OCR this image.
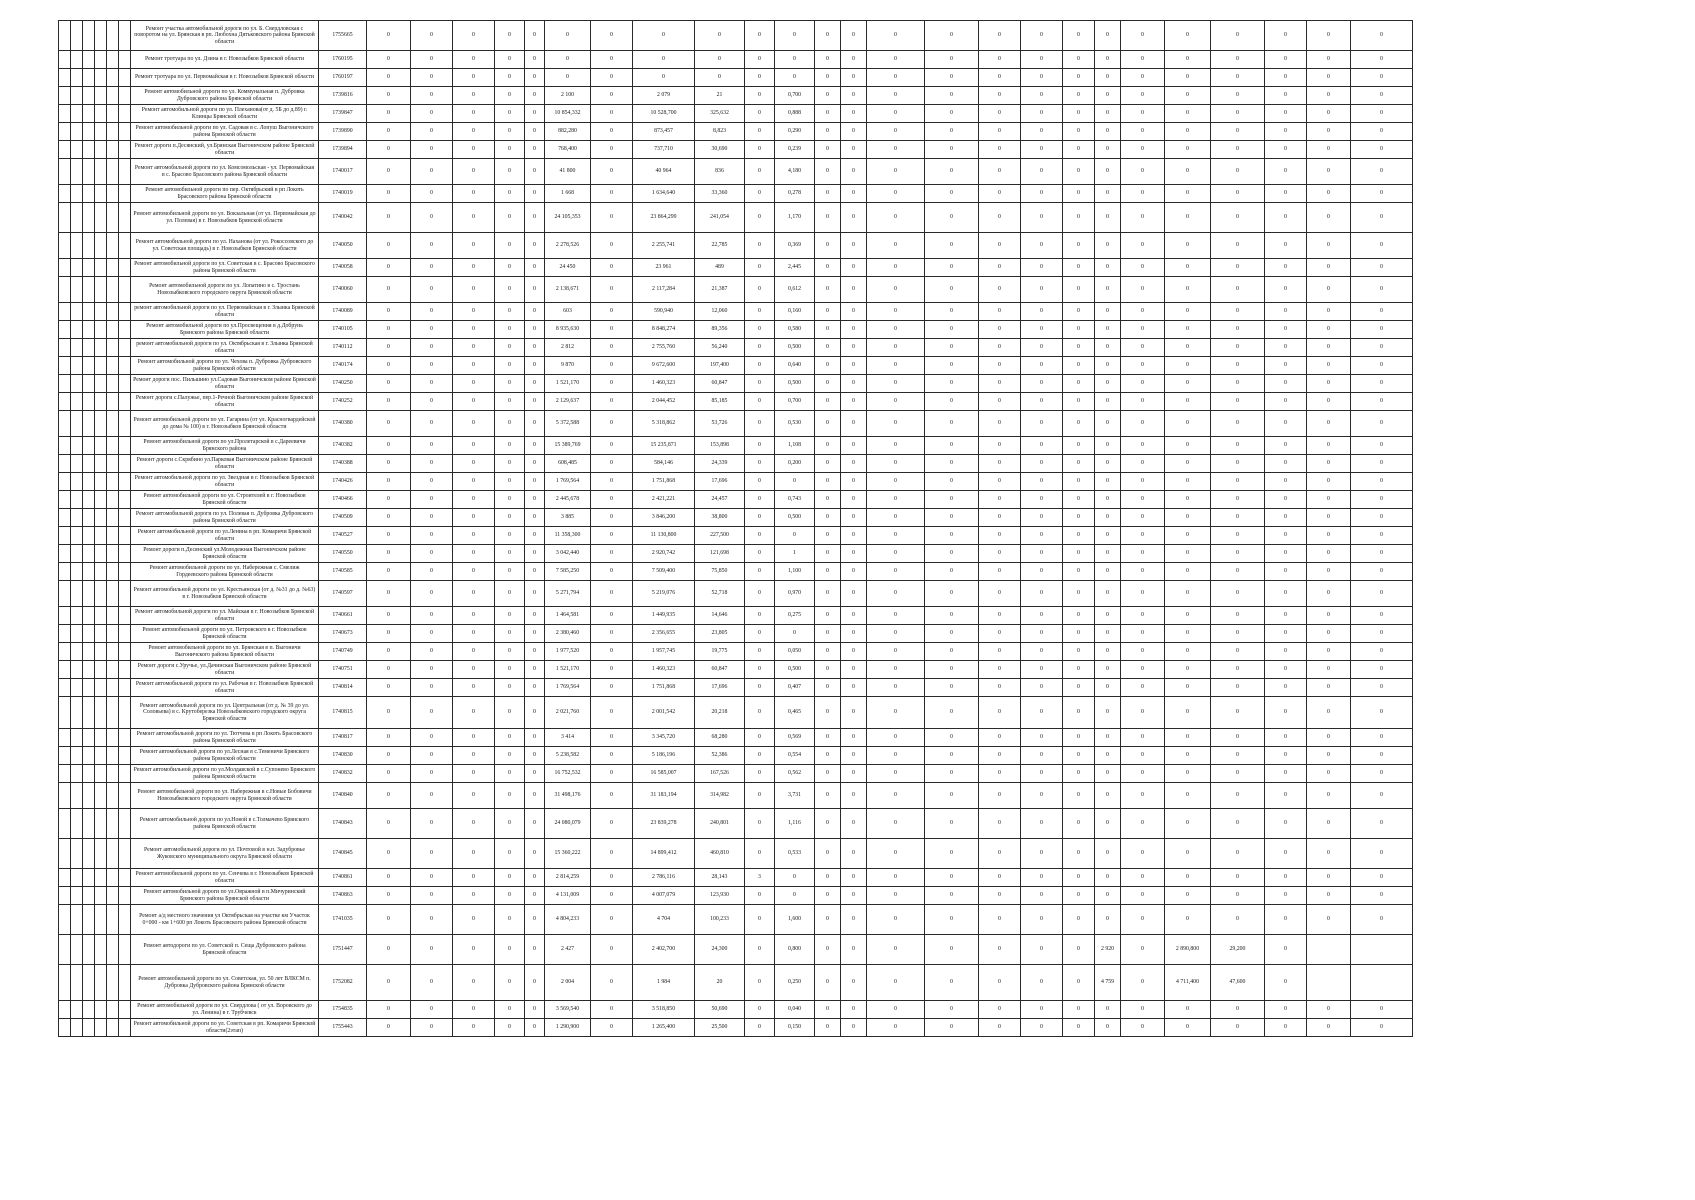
						Ремонт участка автомобильной дороги по ул. Б. Свердловская с поворотом на ул. Брянская в рп. Любохна Дятьковского района Брянской области	1755665	0	0	0	0	0	0	0	0	0	0	0	0	0	0	0	0	0	0	0	0	0	0	0	0	0
						Ремонт тротуара по ул. Дзина в г. Новозыбков Брянской области	1760195	0	0	0	0	0	0	0	0	0	0	0	0	0	0	0	0	0	0	0	0	0	0	0	0	0
						Ремонт тротуара по ул. Первомайская в г. Новозыбков Брянской области	1760197	0	0	0	0	0	0	0	0	0	0	0	0	0	0	0	0	0	0	0	0	0	0	0	0	0
						Ремонт автомобильной дороги по ул. Коммунальная п. Дубровка Дубровского района Брянской области	1739816	0	0	0	0	0	2 100	0	2 079	21	0	0,700	0	0	0	0	0	0	0	0	0	0	0	0	0	0
						Ремонт автомобильной дороги по ул. Плеханова(от д. 5Б до д.89) г. Клинцы Брянской области	1739847	0	0	0	0	0	10 854,332	0	10 528,700	325,632	0	0,888	0	0	0	0	0	0	0	0	0	0	0	0	0	0
						Ремонт автомобильной дороги по ул. Садовая в с. Лопуш Выгоничского района Брянской области	1739890	0	0	0	0	0	882,280	0	873,457	8,823	0	0,290	0	0	0	0	0	0	0	0	0	0	0	0	0	0
						Ремонт дороги п.Десянский, ул.Брянская Выгоничском районе Брянской области	1739894	0	0	0	0	0	768,400	0	737,710	30,690	0	0,239	0	0	0	0	0	0	0	0	0	0	0	0	0	0
						Ремонт автомобильной дороги по ул. Комсомольская - ул. Первомайская в с. Брасово Брасовского района Брянской области	1740017	0	0	0	0	0	41 800	0	40 964	836	0	4,180	0	0	0	0	0	0	0	0	0	0	0	0	0	0
						Ремонт автомобильной дороги по пер. Октябрьский в рп Локоть Брасовского района Брянской области	1740019	0	0	0	0	0	1 668	0	1 634,640	33,360	0	0,278	0	0	0	0	0	0	0	0	0	0	0	0	0	0
						Ремонт автомобильной дороги по ул. Вокзальная (от ул. Первомайская до ул. Полевая) в г. Новозыбков Брянской области	1740042	0	0	0	0	0	24 105,353	0	23 864,299	241,054	0	1,170	0	0	0	0	0	0	0	0	0	0	0	0	0	0
						Ремонт автомобильной дороги по ул. Наханова (от ул. Рокоссовского до ул. Советская площадь) в г. Новозыбков Брянской области	1740050	0	0	0	0	0	2 278,526	0	2 255,741	22,785	0	0,369	0	0	0	0	0	0	0	0	0	0	0	0	0	0
						Ремонт автомобильной дороги по ул. Советская в с. Брасово Брасовского района Брянской области	1740058	0	0	0	0	0	24 450	0	23 961	489	0	2,445	0	0	0	0	0	0	0	0	0	0	0	0	0	0
						Ремонт автомобильной дороги по ул. Лопатино в с. Тростань Новозыбковского городского округа Брянской области	1740060	0	0	0	0	0	2 138,671	0	2 117,284	21,387	0	0,612	0	0	0	0	0	0	0	0	0	0	0	0	0	0
						ремонт автомобильной дороги по ул. Первомайская в г. Злынка Брянской области	1740089	0	0	0	0	0	603	0	590,940	12,060	0	0,160	0	0	0	0	0	0	0	0	0	0	0	0	0	0
						Ремонт автомобильной дороги по ул.Просвещения в д.Добрунь Брянского района Брянской области	1740105	0	0	0	0	0	8 935,630	0	8 848,274	89,356	0	0,580	0	0	0	0	0	0	0	0	0	0	0	0	0	0
						ремонт автомобильной дороги по ул. Октябрьская в г. Злынка Брянской области	1740112	0	0	0	0	0	2 812	0	2 755,760	56,240	0	0,500	0	0	0	0	0	0	0	0	0	0	0	0	0	0
						Ремонт автомобильной дороги по ул. Чехова п. Дубровка Дубровского района Брянской области	1740174	0	0	0	0	0	9 870	0	9 672,600	197,400	0	0,640	0	0	0	0	0	0	0	0	0	0	0	0	0	0
						Ремонт дороги пос. Пильшино ул.Садовая Выгоничском районе Брянской области	1740250	0	0	0	0	0	1 521,170	0	1 460,323	60,847	0	0,500	0	0	0	0	0	0	0	0	0	0	0	0	0	0
						Ремонт дороги с.Палужье, пер.1-Речной Выгоничском районе Брянской области	1740252	0	0	0	0	0	2 129,637	0	2 044,452	85,185	0	0,700	0	0	0	0	0	0	0	0	0	0	0	0	0	0
						Ремонт автомобильной дороги по ул. Гагарина (от ул. Красногвардейской до дома № 100) в г. Новозыбков Брянской области	1740380	0	0	0	0	0	5 372,588	0	5 318,862	53,726	0	0,530	0	0	0	0	0	0	0	0	0	0	0	0	0	0
						Ремонт автомобильной дороги по ул.Пролетарской в с.Дареевичи Брянского района	1740382	0	0	0	0	0	15 389,769	0	15 235,871	153,898	0	1,108	0	0	0	0	0	0	0	0	0	0	0	0	0	0
						Ремонт дороги с.Скрябино ул.Парковая Выгоничском районе Брянской области	1740388	0	0	0	0	0	608,485	0	584,146	24,339	0	0,200	0	0	0	0	0	0	0	0	0	0	0	0	0	0
						Ремонт автомобильной дороги по ул. Звездная в г. Новозыбков Брянской области	1740426	0	0	0	0	0	1 769,564	0	1 751,868	17,696	0	0	0	0	0	0	0	0	0	0	0	0	0	0	0	0
						Ремонт автомобильной дороги по ул. Строителей в г. Новозыбков Брянской области	1740466	0	0	0	0	0	2 445,678	0	2 421,221	24,457	0	0,743	0	0	0	0	0	0	0	0	0	0	0	0	0	0
						Ремонт автомобильной дороги по ул. Полевая п. Дубровка Дубровского района Брянской области	1740509	0	0	0	0	0	3 885	0	3 846,200	38,800	0	0,500	0	0	0	0	0	0	0	0	0	0	0	0	0	0
						Ремонт автомобильной дороги по ул.Ленина в рп. Комаричи Брянской области	1740527	0	0	0	0	0	11 358,300	0	11 130,800	227,500	0	0	0	0	0	0	0	0	0	0	0	0	0	0	0	0
						Ремонт дороги п.Десянский ул.Молодежная Выгоничском районе Брянской области	1740550	0	0	0	0	0	3 042,440	0	2 920,742	121,698	0	1	0	0	0	0	0	0	0	0	0	0	0	0	0	0
						Ремонт автомобильной дороги по ул. Набережная с. Смелиж Гордеевского района Брянской области	1740585	0	0	0	0	0	7 585,250	0	7 509,400	75,850	0	1,100	0	0	0	0	0	0	0	0	0	0	0	0	0	0
						Ремонт автомобильной дороги по ул. Крестьянская (от д. №31 до д. №63) в г. Новозыбков Брянской области	1740597	0	0	0	0	0	5 271,794	0	5 219,076	52,718	0	0,970	0	0	0	0	0	0	0	0	0	0	0	0	0	0
						Ремонт автомобильной дороги по ул. Майская в г. Новозыбков Брянской области	1740661	0	0	0	0	0	1 464,581	0	1 449,935	14,646	0	0,275	0	0	0	0	0	0	0	0	0	0	0	0	0	0
						Ремонт автомобильной дороги по ул. Петровского в г. Новозыбков Брянской области	1740673	0	0	0	0	0	2 380,460	0	2 356,655	23,805	0	0	0	0	0	0	0	0	0	0	0	0	0	0	0	0
						Ремонт автомобильной дороги по ул. Брянская в п. Выгоничи Выгоничского района Брянской области	1740749	0	0	0	0	0	1 977,520	0	1 957,745	19,775	0	0,050	0	0	0	0	0	0	0	0	0	0	0	0	0	0
						Ремонт дороги с.Уручье, ул.Дачинская Выгоничском районе Брянской области	1740751	0	0	0	0	0	1 521,170	0	1 460,323	60,847	0	0,500	0	0	0	0	0	0	0	0	0	0	0	0	0	0
						Ремонт автомобильной дороги по ул. Рабочая в г. Новозыбков Брянской области	1740814	0	0	0	0	0	1 769,564	0	1 751,868	17,696	0	0,407	0	0	0	0	0	0	0	0	0	0	0	0	0	0
						Ремонт автомобильной дороги по ул. Центральная (от д. № 39 до ул. Соловьева) в с. Крутоберезка Новозыбковского городского округа Брянской области	1740815	0	0	0	0	0	2 021,760	0	2 001,542	20,218	0	0,465	0	0	0	0	0	0	0	0	0	0	0	0	0	0
						Ремонт автомобильной дороги по ул. Тютчева в рп Локоть Брасовского района Брянской области	1740817	0	0	0	0	0	3 414	0	3 345,720	68,280	0	0,569	0	0	0	0	0	0	0	0	0	0	0	0	0	0
						Ремонт автомобильной дороги по ул.Лесная в с.Теменичи Брянского района Брянской области	1740830	0	0	0	0	0	5 238,582	0	5 186,196	52,386	0	0,554	0	0	0	0	0	0	0	0	0	0	0	0	0	0
						Ремонт автомобильной дороги по ул.Молдавской в с.Супонево Брянского района Брянской области	1740832	0	0	0	0	0	16 752,532	0	16 585,007	167,526	0	0,562	0	0	0	0	0	0	0	0	0	0	0	0	0	0
						Ремонт автомобильной дороги по ул. Набережная в с.Новые Бобовичи Новозыбковского городского округа Брянской области	1740840	0	0	0	0	0	31 498,176	0	31 183,194	314,982	0	3,731	0	0	0	0	0	0	0	0	0	0	0	0	0	0
						Ремонт автомобильной дороги по ул.Новой в с.Толмачево Брянского района Брянской области	1740843	0	0	0	0	0	24 080,079	0	23 839,278	240,801	0	1,116	0	0	0	0	0	0	0	0	0	0	0	0	0	0
						Ремонт автомобильной дороги по ул. Почтовой в н.п. Задубровье Жуковского муниципального округа Брянской области	1740845	0	0	0	0	0	15 360,222	0	14 899,412	460,810	0	0,533	0	0	0	0	0	0	0	0	0	0	0	0	0	0
						Ремонт автомобильной дороги по ул. Сенчева в г. Новозыбков Брянской области	1740861	0	0	0	0	0	2 814,259	0	2 786,116	28,143	3	0	0	0	0	0	0	0	0	0	0	0	0	0	0	0
						Ремонт автомобильной дороги по ул.Овражной в п.Мичуринский Брянского района Брянской области	1740863	0	0	0	0	0	4 131,009	0	4 007,079	123,930	0	0	0	0	0	0	0	0	0	0	0	0	0	0	0	0
						Ремонт а/д местного значения ул Октябрьская на участке км Участок 0+000 - км 1+600 рп Локоть Брасовского района Брянской области	1741035	0	0	0	0	0	4 804,233	0	4 704	100,233	0	1,600	0	0	0	0	0	0	0	0	0	0	0	0	0	0
						Ремонт автодороги по ул. Советской п. Сеща Дубровского района Брянской области	1751447	0	0	0	0	0	2 427	0	2 402,700	24,300	0	0,800	0	0	0	0	0	0	0	2 920	0	2 890,800	29,200	0		
						Ремонт автомобильной дороги по ул. Советская, ул. 50 лет ВЛКСМ п. Дубровка Дубровского района Брянской области	1752082	0	0	0	0	0	2 004	0	1 984	20	0	0,250	0	0	0	0	0	0	0	4 759	0	4 711,400	47,600	0		
						Ремонт автомобильной дороги по ул. Свердлова ( от ул. Воровского до ул. Ленина) в г. Трубчевск	1754835	0	0	0	0	0	3 569,540	0	3 518,850	50,690	0	0,040	0	0	0	0	0	0	0	0	0	0	0	0	0	0
						Ремонт автомобильной дороги по ул. Советская в рп. Комаричи Брянской области(2этап)	1755443	0	0	0	0	0	1 290,900	0	1 265,400	25,500	0	0,150	0	0	0	0	0	0	0	0	0	0	0	0	0	0
